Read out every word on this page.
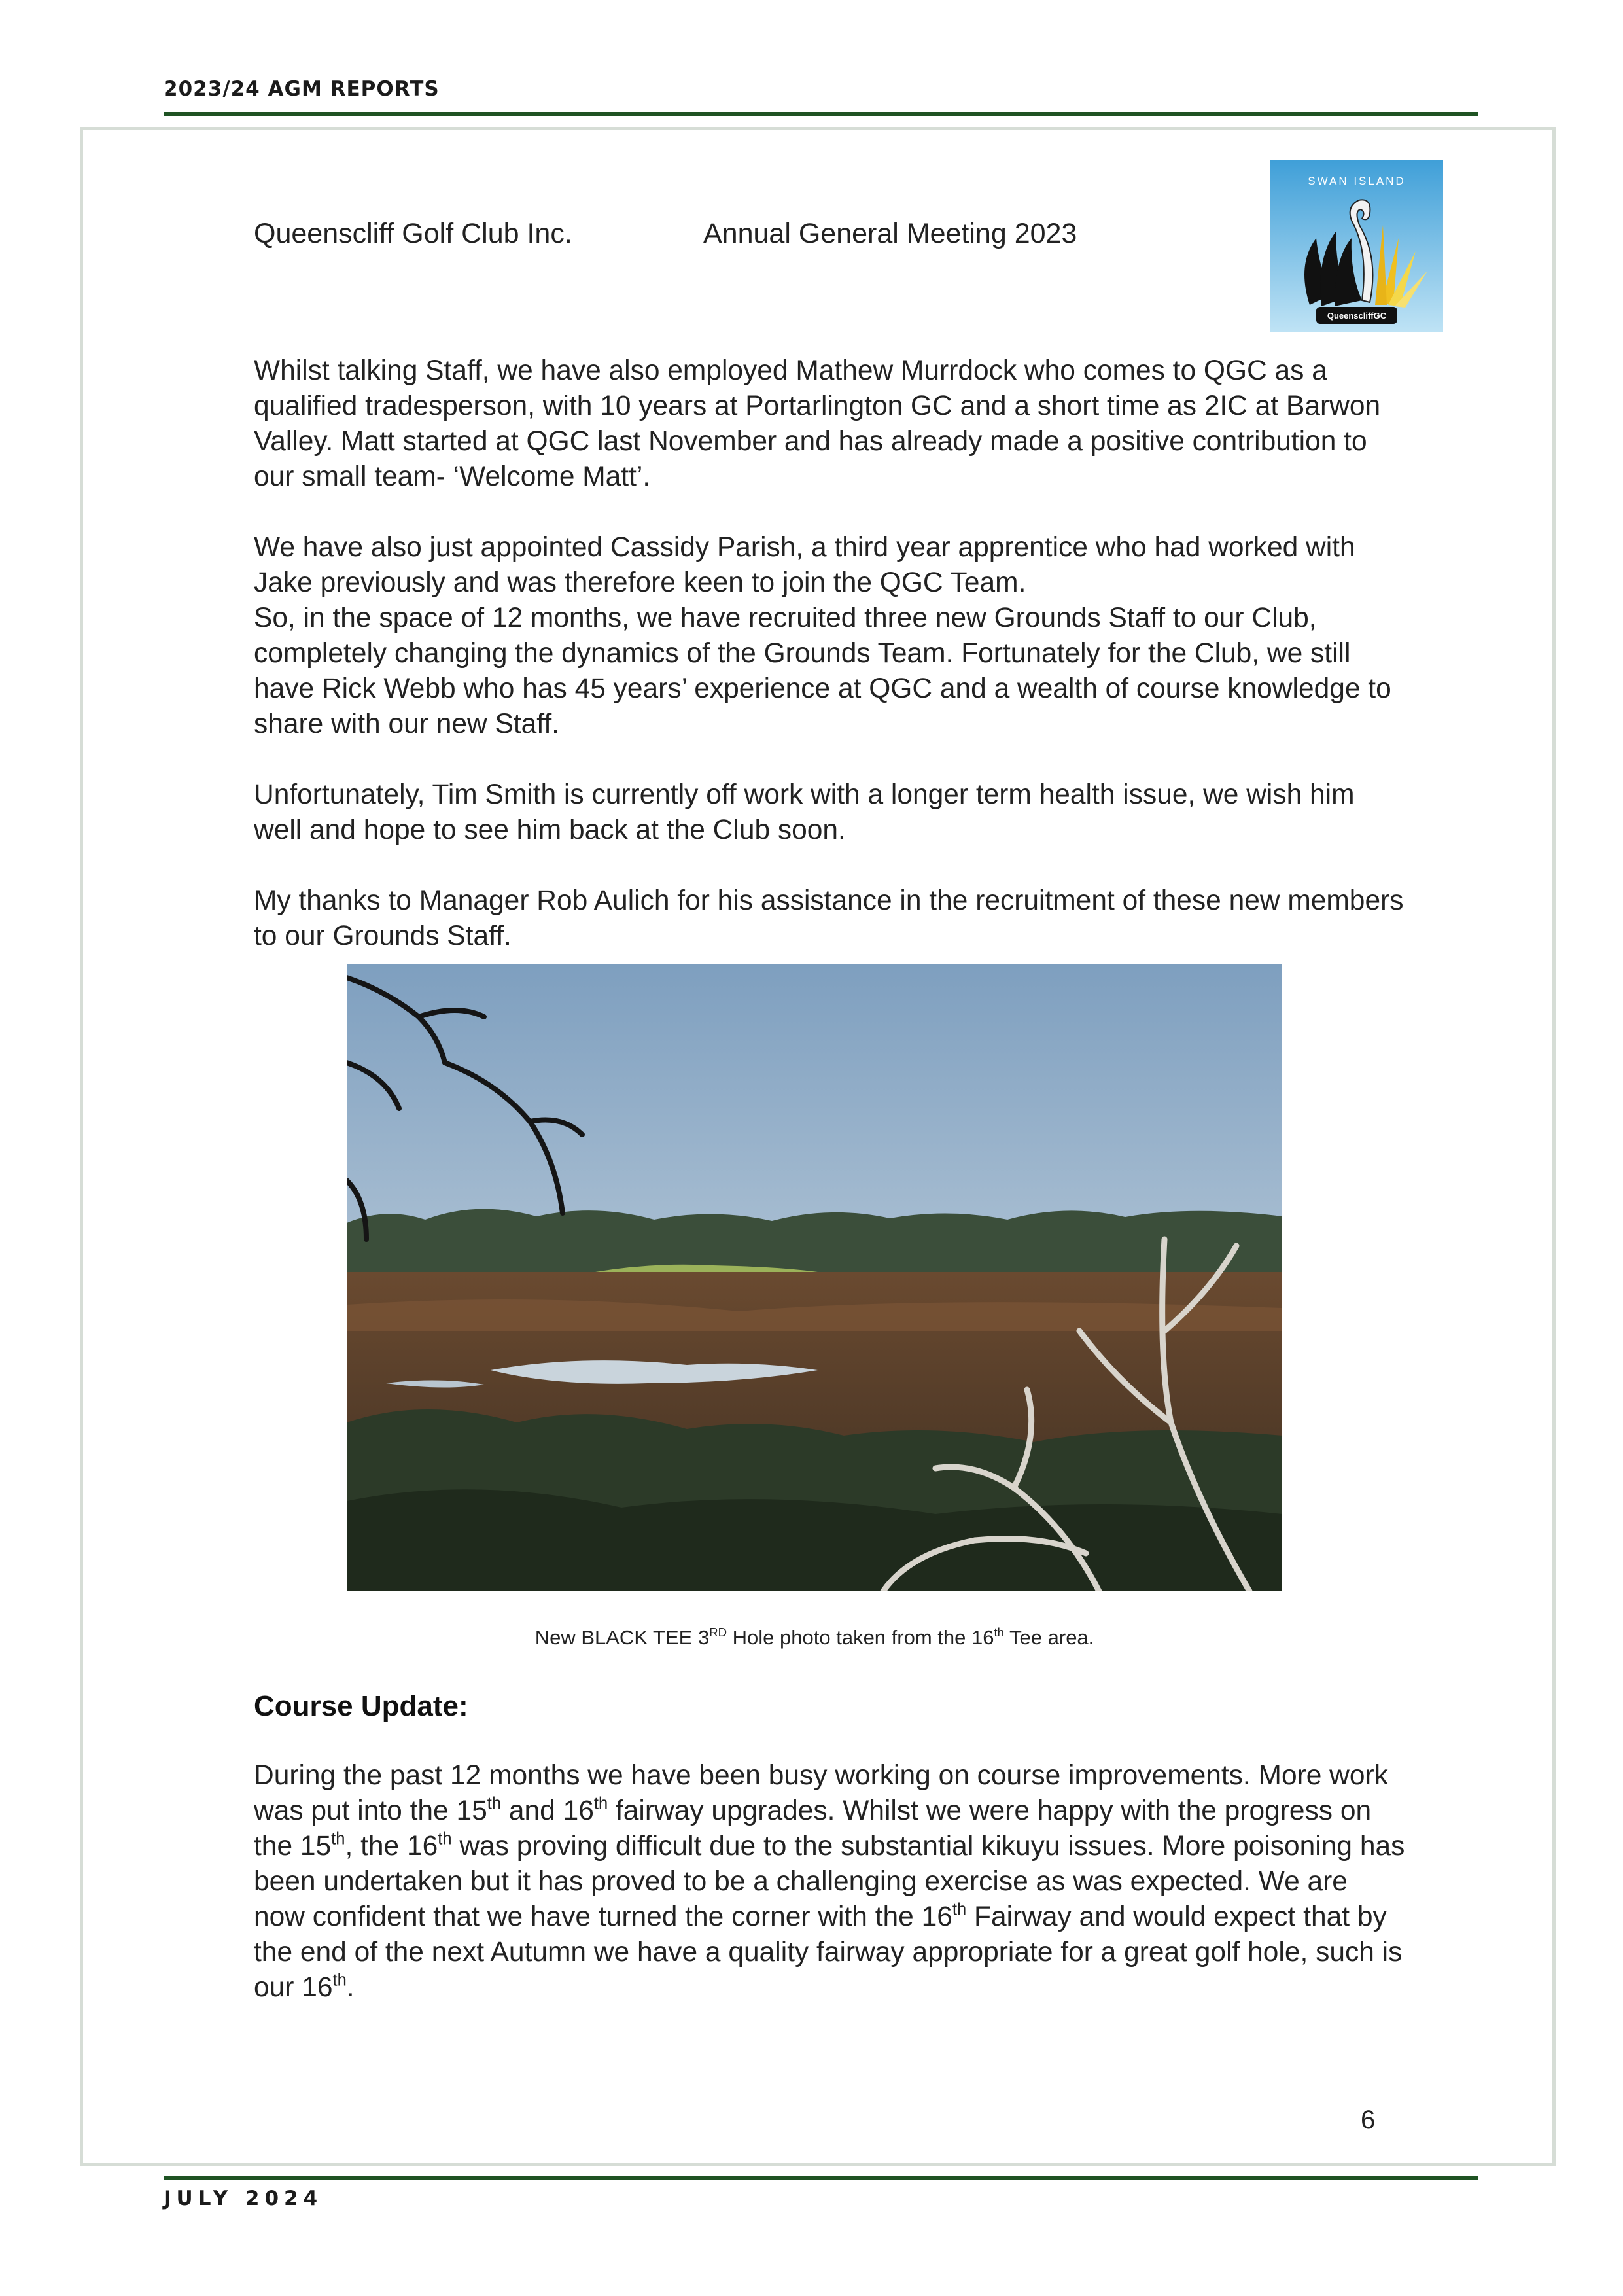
2023/24 AGM REPORTS
Queenscliff Golf Club Inc.	Annual General Meeting 2023
SWAN ISLAND
QueenscliffGC

Whilst talking Staff, we have also employed Mathew Murrdock who comes to QGC as a qualified tradesperson, with 10 years at Portarlington GC and a short time as 2IC at Barwon Valley. Matt started at QGC last November and has already made a positive contribution to our small team- ‘Welcome Matt’.

We have also just appointed Cassidy Parish, a third year apprentice who had worked with Jake previously and was therefore keen to join the QGC Team.

So, in the space of 12 months, we have recruited three new Grounds Staff to our Club, completely changing the dynamics of the Grounds Team. Fortunately for the Club, we still have Rick Webb who has 45 years’ experience at QGC and a wealth of course knowledge to share with our new Staff.

Unfortunately, Tim Smith is currently off work with a longer term health issue, we wish him well and hope to see him back at the Club soon.

My thanks to Manager Rob Aulich for his assistance in the recruitment of these new members to our Grounds Staff.

New BLACK TEE 3RD Hole photo taken from the 16th Tee area.
Course Update:

During the past 12 months we have been busy working on course improvements. More work was put into the 15th and 16th fairway upgrades. Whilst we were happy with the progress on the 15th, the 16th was proving difficult due to the substantial kikuyu issues. More poisoning has been undertaken but it has proved to be a challenging exercise as was expected. We are now confident that we have turned the corner with the 16th Fairway and would expect that by the end of the next Autumn we have a quality fairway appropriate for a great golf hole, such is our 16th.

6
JULY 2024
